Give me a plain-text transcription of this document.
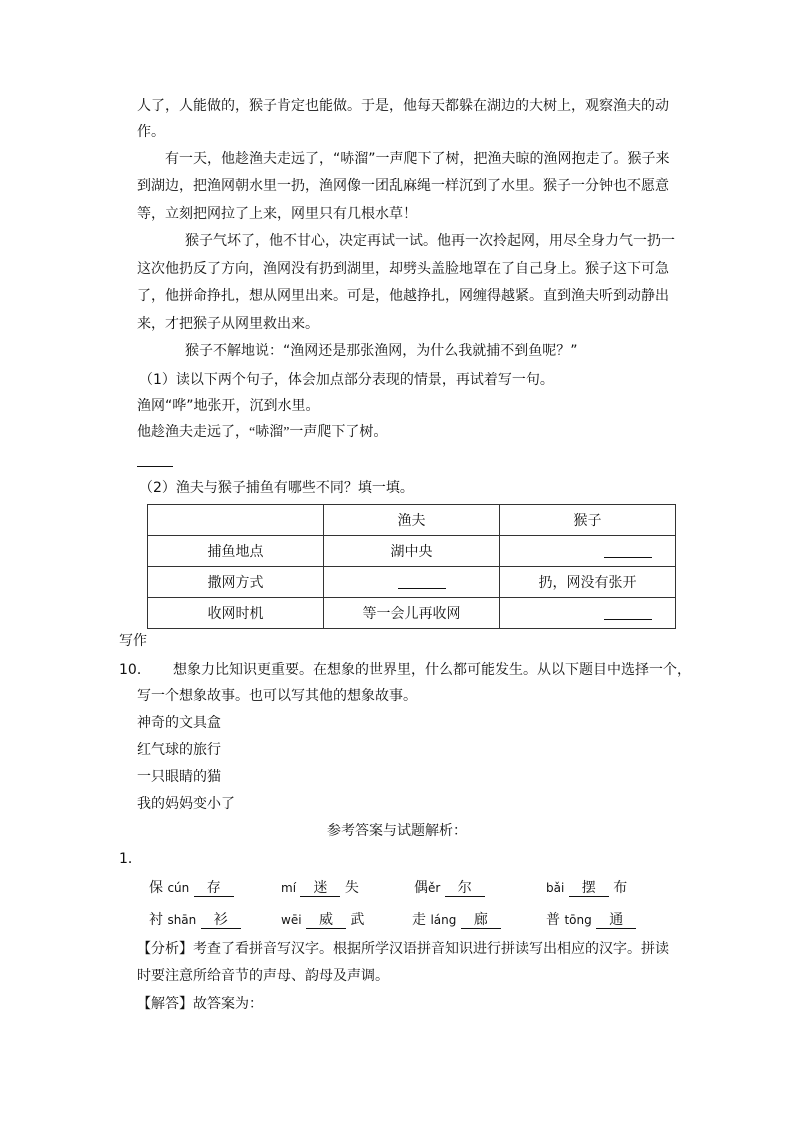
人了，人能做的，猴子肯定也能做。于是，他每天都躲在湖边的大树上，观察渔夫的动
作。
有一天，他趁渔夫走远了，“哧溜”一声爬下了树，把渔夫晾的渔网抱走了。猴子来
到湖边，把渔网朝水里一扔，渔网像一团乱麻绳一样沉到了水里。猴子一分钟也不愿意
等，立刻把网拉了上来，网里只有几根水草！
猴子气坏了，他不甘心，决定再试一试。他再一次拎起网，用尽全身力气一扔一
这次他扔反了方向，渔网没有扔到湖里，却劈头盖脸地罩在了自己身上。猴子这下可急
了，他拼命挣扎，想从网里出来。可是，他越挣扎，网缠得越紧。直到渔夫听到动静出
来，才把猴子从网里救出来。
猴子不解地说：“渔网还是那张渔网，为什么我就捕不到鱼呢？”
（1）读以下两个句子，体会加点部分表现的情景，再试着写一句。
渔网“哗”地张开，沉到水里。
他趁渔夫走远了，“哧溜”一声爬下了树。
（2）渔夫与猴子捕鱼有哪些不同？填一填。
	渔夫	猴子
捕鱼地点	湖中央	
撒网方式		扔，网没有张开
收网时机	等一会儿再收网	
写作
10． 想象力比知识更重要。在想象的世界里，什么都可能发生。从以下题目中选择一个，
写一个想象故事。也可以写其他的想象故事。
神奇的文具盒
红气球的旅行
一只眼睛的猫
我的妈妈变小了
参考答案与试题解析：
1．
保 cún 存	mí 迷 失	偶ěr 尔	bǎi 摆 布
衬 shān 衫	wēi 威 武	走 láng 廊	普 tōng 通
【分析】考查了看拼音写汉字。根据所学汉语拼音知识进行拼读写出相应的汉字。拼读
时要注意所给音节的声母、韵母及声调。
【解答】故答案为：
